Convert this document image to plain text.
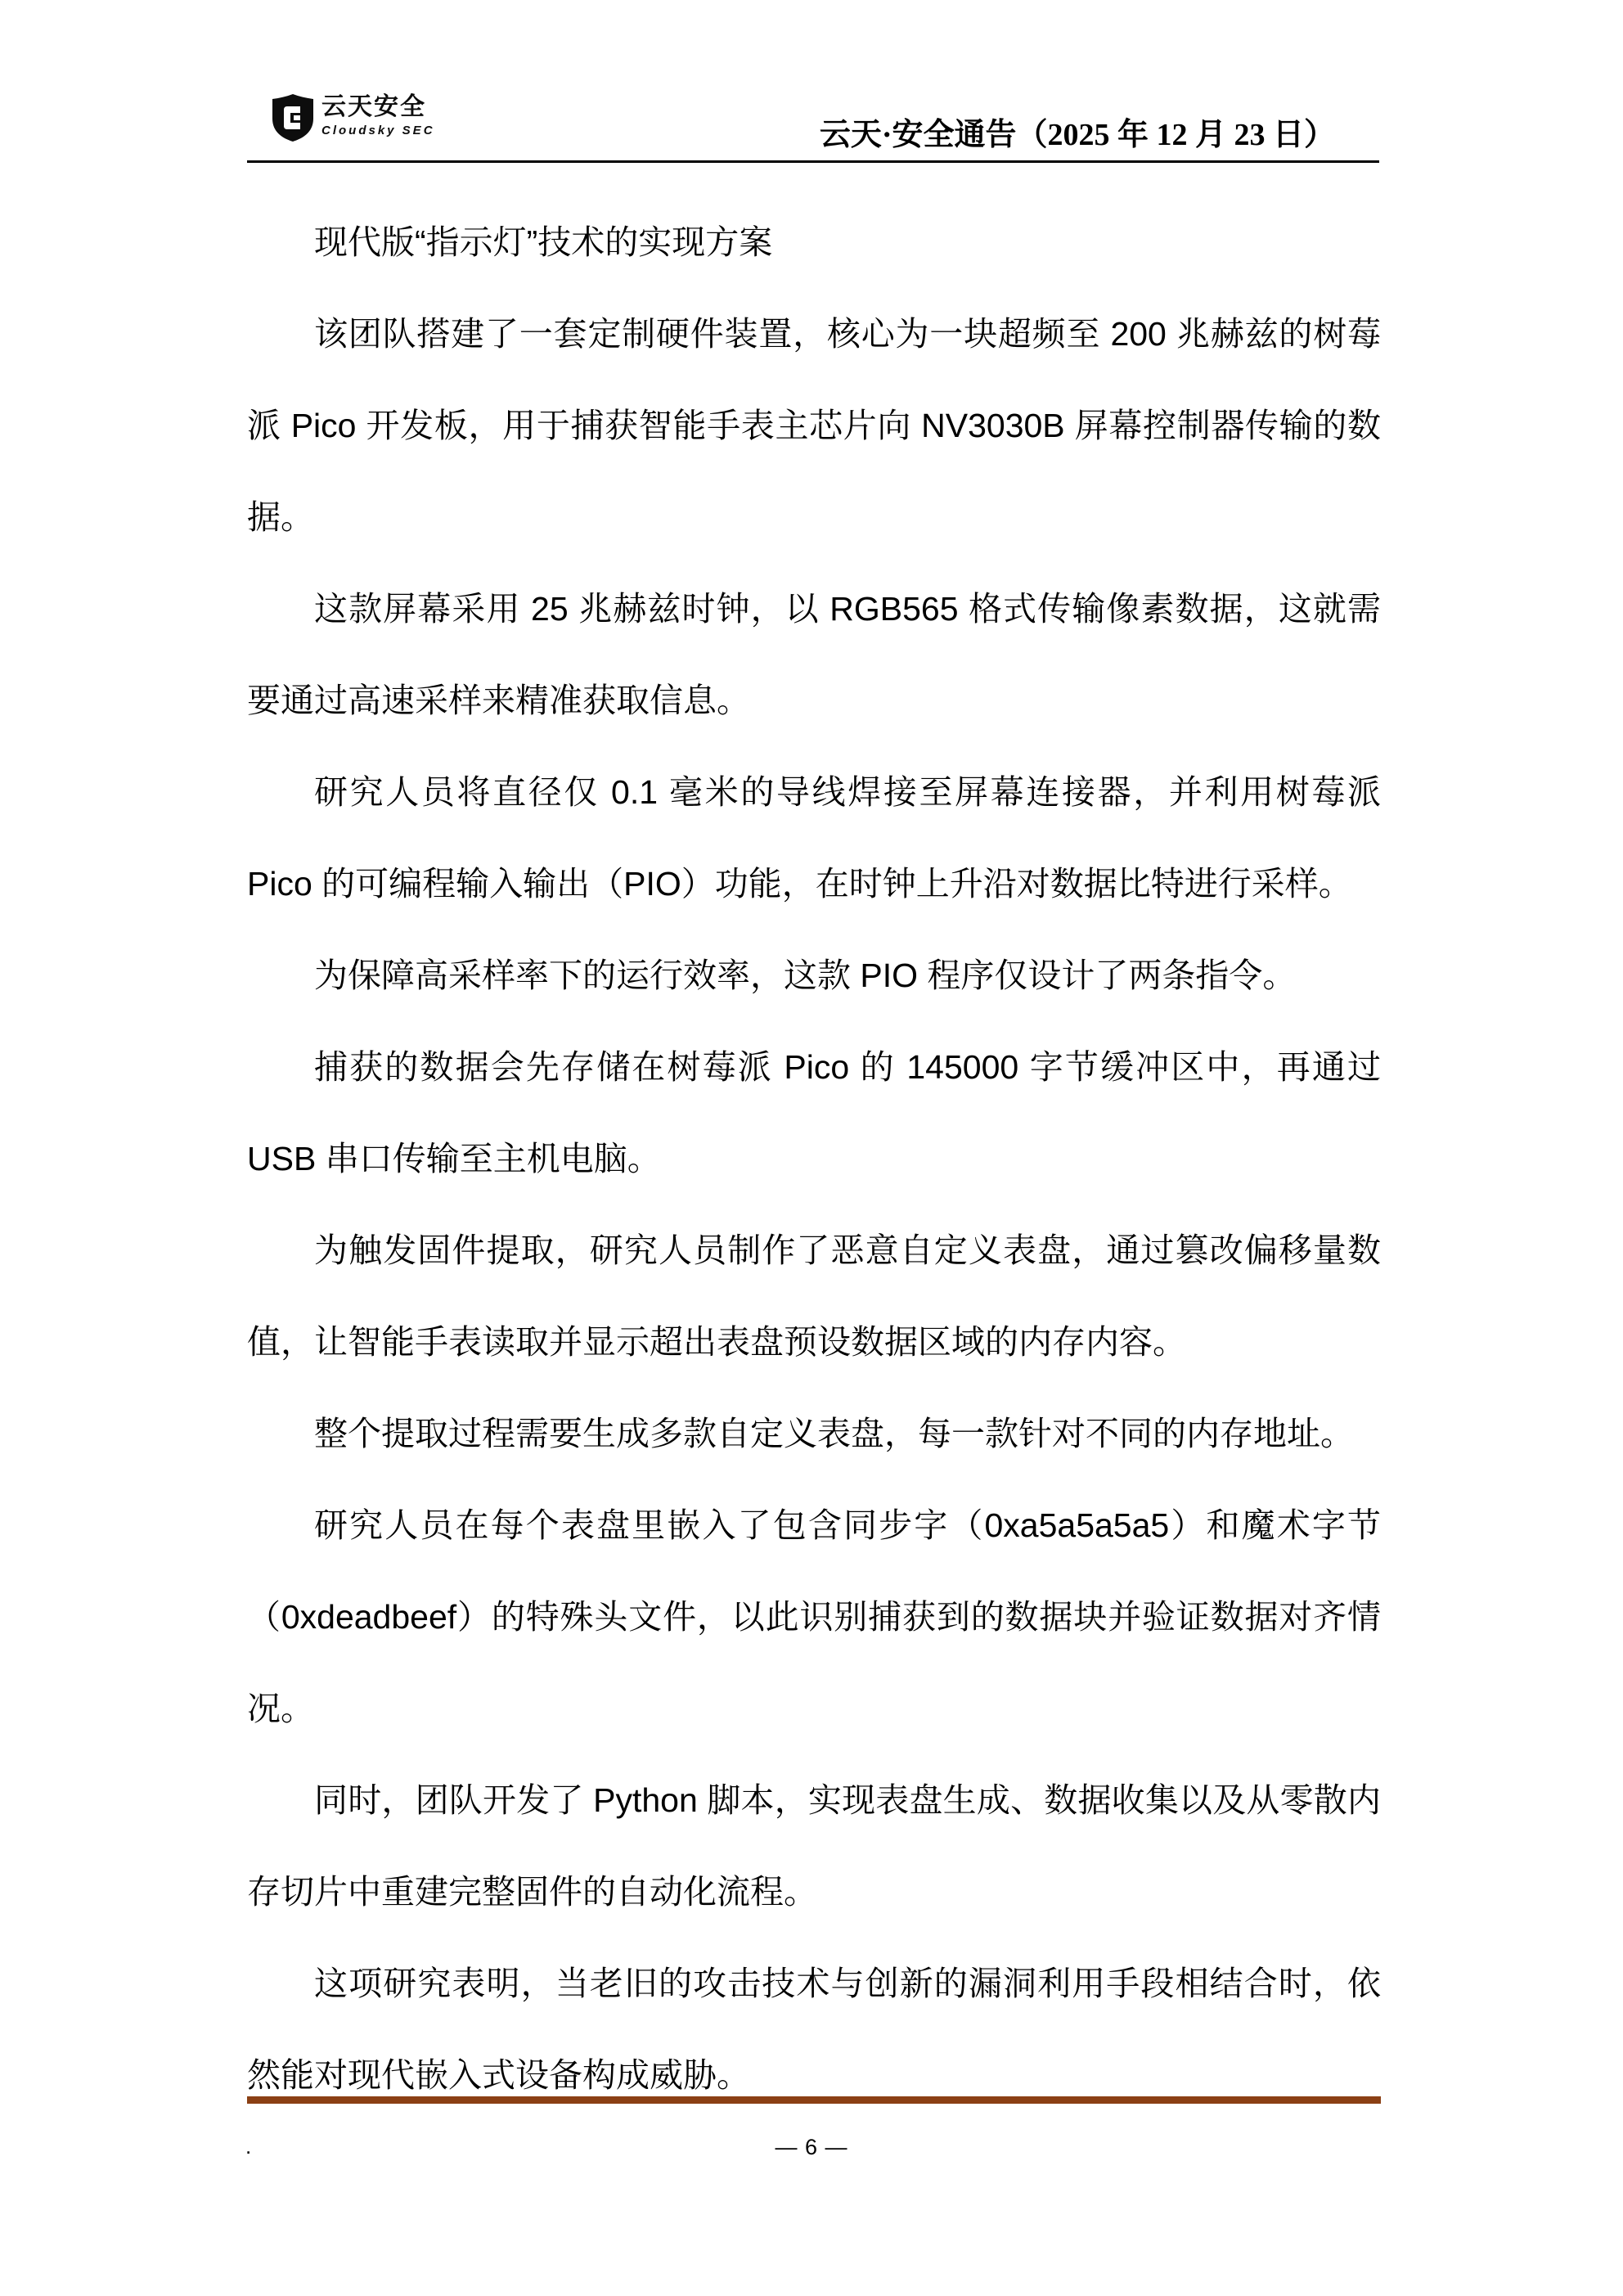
云天安全
Cloudsky SEC	云天·安全通告（2025 年 12 月 23 日）

现代版“指示灯”技术的实现方案

该团队搭建了一套定制硬件装置，核心为一块超频至 200 兆赫兹的树莓派 Pico 开发板，用于捕获智能手表主芯片向 NV3030B 屏幕控制器传输的数据。

这款屏幕采用 25 兆赫兹时钟，以 RGB565 格式传输像素数据，这就需要通过高速采样来精准获取信息。

研究人员将直径仅 0.1 毫米的导线焊接至屏幕连接器，并利用树莓派 Pico 的可编程输入输出（PIO）功能，在时钟上升沿对数据比特进行采样。

为保障高采样率下的运行效率，这款 PIO 程序仅设计了两条指令。

捕获的数据会先存储在树莓派 Pico 的 145000 字节缓冲区中，再通过 USB 串口传输至主机电脑。

为触发固件提取，研究人员制作了恶意自定义表盘，通过篡改偏移量数值，让智能手表读取并显示超出表盘预设数据区域的内存内容。

整个提取过程需要生成多款自定义表盘，每一款针对不同的内存地址。

研究人员在每个表盘里嵌入了包含同步字（0xa5a5a5a5）和魔术字节（0xdeadbeef）的特殊头文件，以此识别捕获到的数据块并验证数据对齐情况。

同时，团队开发了 Python 脚本，实现表盘生成、数据收集以及从零散内存切片中重建完整固件的自动化流程。

这项研究表明，当老旧的攻击技术与创新的漏洞利用手段相结合时，依然能对现代嵌入式设备构成威胁。

.	— 6 —
